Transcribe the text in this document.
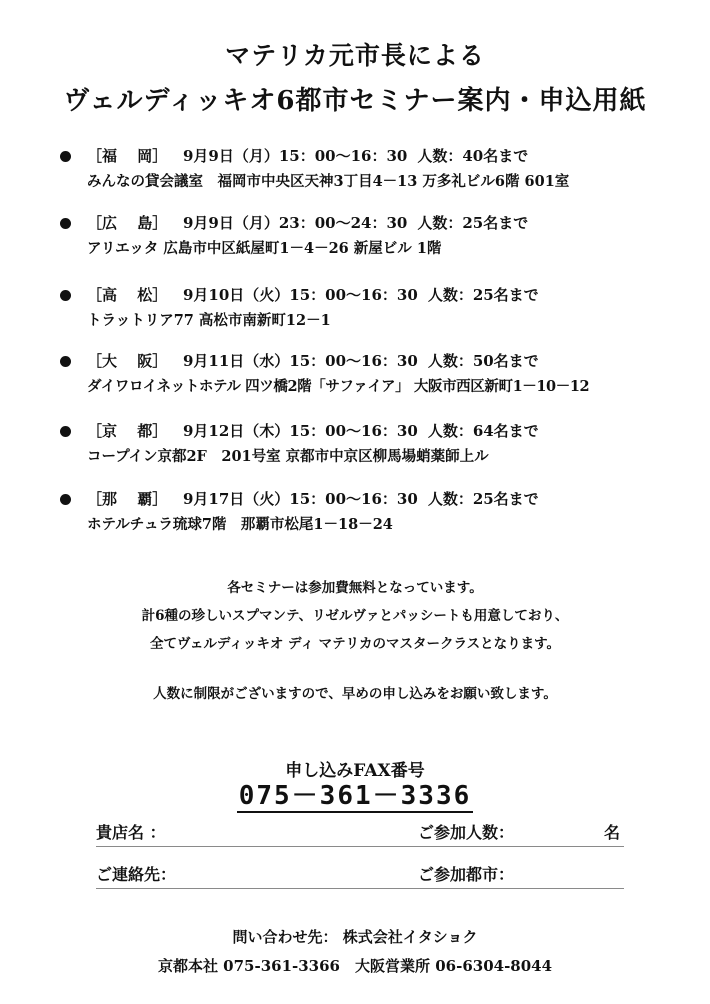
マテリカ元市長による
ヴェルディッキオ6都市セミナー案内・申込用紙
［福　 岡］	9月9日（月）15：00～16：30 人数：40名まで
みんなの貸会議室　福岡市中央区天神3丁目4－13 万多礼ビル6階 601室
［広　 島］	9月9日（月）23：00～24：30 人数：25名まで
アリエッタ 広島市中区紙屋町1－4－26 新屋ビル 1階
［高　 松］	9月10日（火）15：00～16：30 人数：25名まで
トラットリア77 高松市南新町12－1
［大　 阪］	9月11日（水）15：00～16：30 人数：50名まで
ダイワロイネットホテル 四ツ橋2階「サファイア」 大阪市西区新町1－10－12
［京　 都］	9月12日（木）15：00～16：30 人数：64名まで
コープイン京都2F　201号室 京都市中京区柳馬場蛸薬師上ル
［那　 覇］	9月17日（火）15：00～16：30 人数：25名まで
ホテルチュラ琉球7階　那覇市松尾1－18－24
各セミナーは参加費無料となっています。
計6種の珍しいスプマンテ、リゼルヴァとパッシートも用意しており、
全てヴェルディッキオ ディ マテリカのマスタークラスとなります。
人数に制限がございますので、早めの申し込みをお願い致します。
申し込みFAX番号
075－361－3336
貴店名 ：	ご参加人数：	名
ご連絡先：	ご参加都市：
問い合わせ先： 株式会社イタショク
京都本社 075-361-3366　大阪営業所 06-6304-8044
